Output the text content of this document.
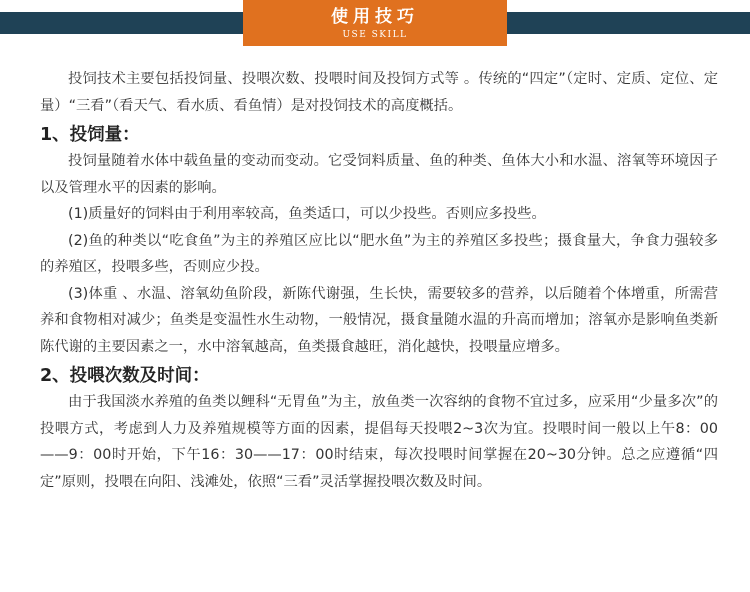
使用技巧
USE SKILL

投饲技术主要包括投饲量、投喂次数、投喂时间及投饲方式等 。传统的“四定”（定时、定质、定位、定量）“三看”（看天气、看水质、看鱼情）是对投饲技术的高度概括。

1、投饲量：

投饲量随着水体中载鱼量的变动而变动。它受饲料质量、鱼的种类、鱼体大小和水温、溶氧等环境因子以及管理水平的因素的影响。

(1)质量好的饲料由于利用率较高，鱼类适口，可以少投些。否则应多投些。

(2)鱼的种类以“吃食鱼”为主的养殖区应比以“肥水鱼”为主的养殖区多投些；摄食量大，争食力强较多的养殖区，投喂多些，否则应少投。

(3)体重 、水温、溶氧幼鱼阶段，新陈代谢强，生长快，需要较多的营养，以后随着个体增重，所需营养和食物相对减少；鱼类是变温性水生动物，一般情况，摄食量随水温的升高而增加；溶氧亦是影响鱼类新陈代谢的主要因素之一，水中溶氧越高，鱼类摄食越旺，消化越快，投喂量应增多。

2、投喂次数及时间：

由于我国淡水养殖的鱼类以鲤科“无胃鱼”为主，放鱼类一次容纳的食物不宜过多，应采用“少量多次”的投喂方式，考虑到人力及养殖规模等方面的因素，提倡每天投喂2~3次为宜。投喂时间一般以上午8：00——9：00时开始，下午16：30——17：00时结束，每次投喂时间掌握在20~30分钟。总之应遵循“四定”原则，投喂在向阳、浅滩处，依照“三看”灵活掌握投喂次数及时间。
